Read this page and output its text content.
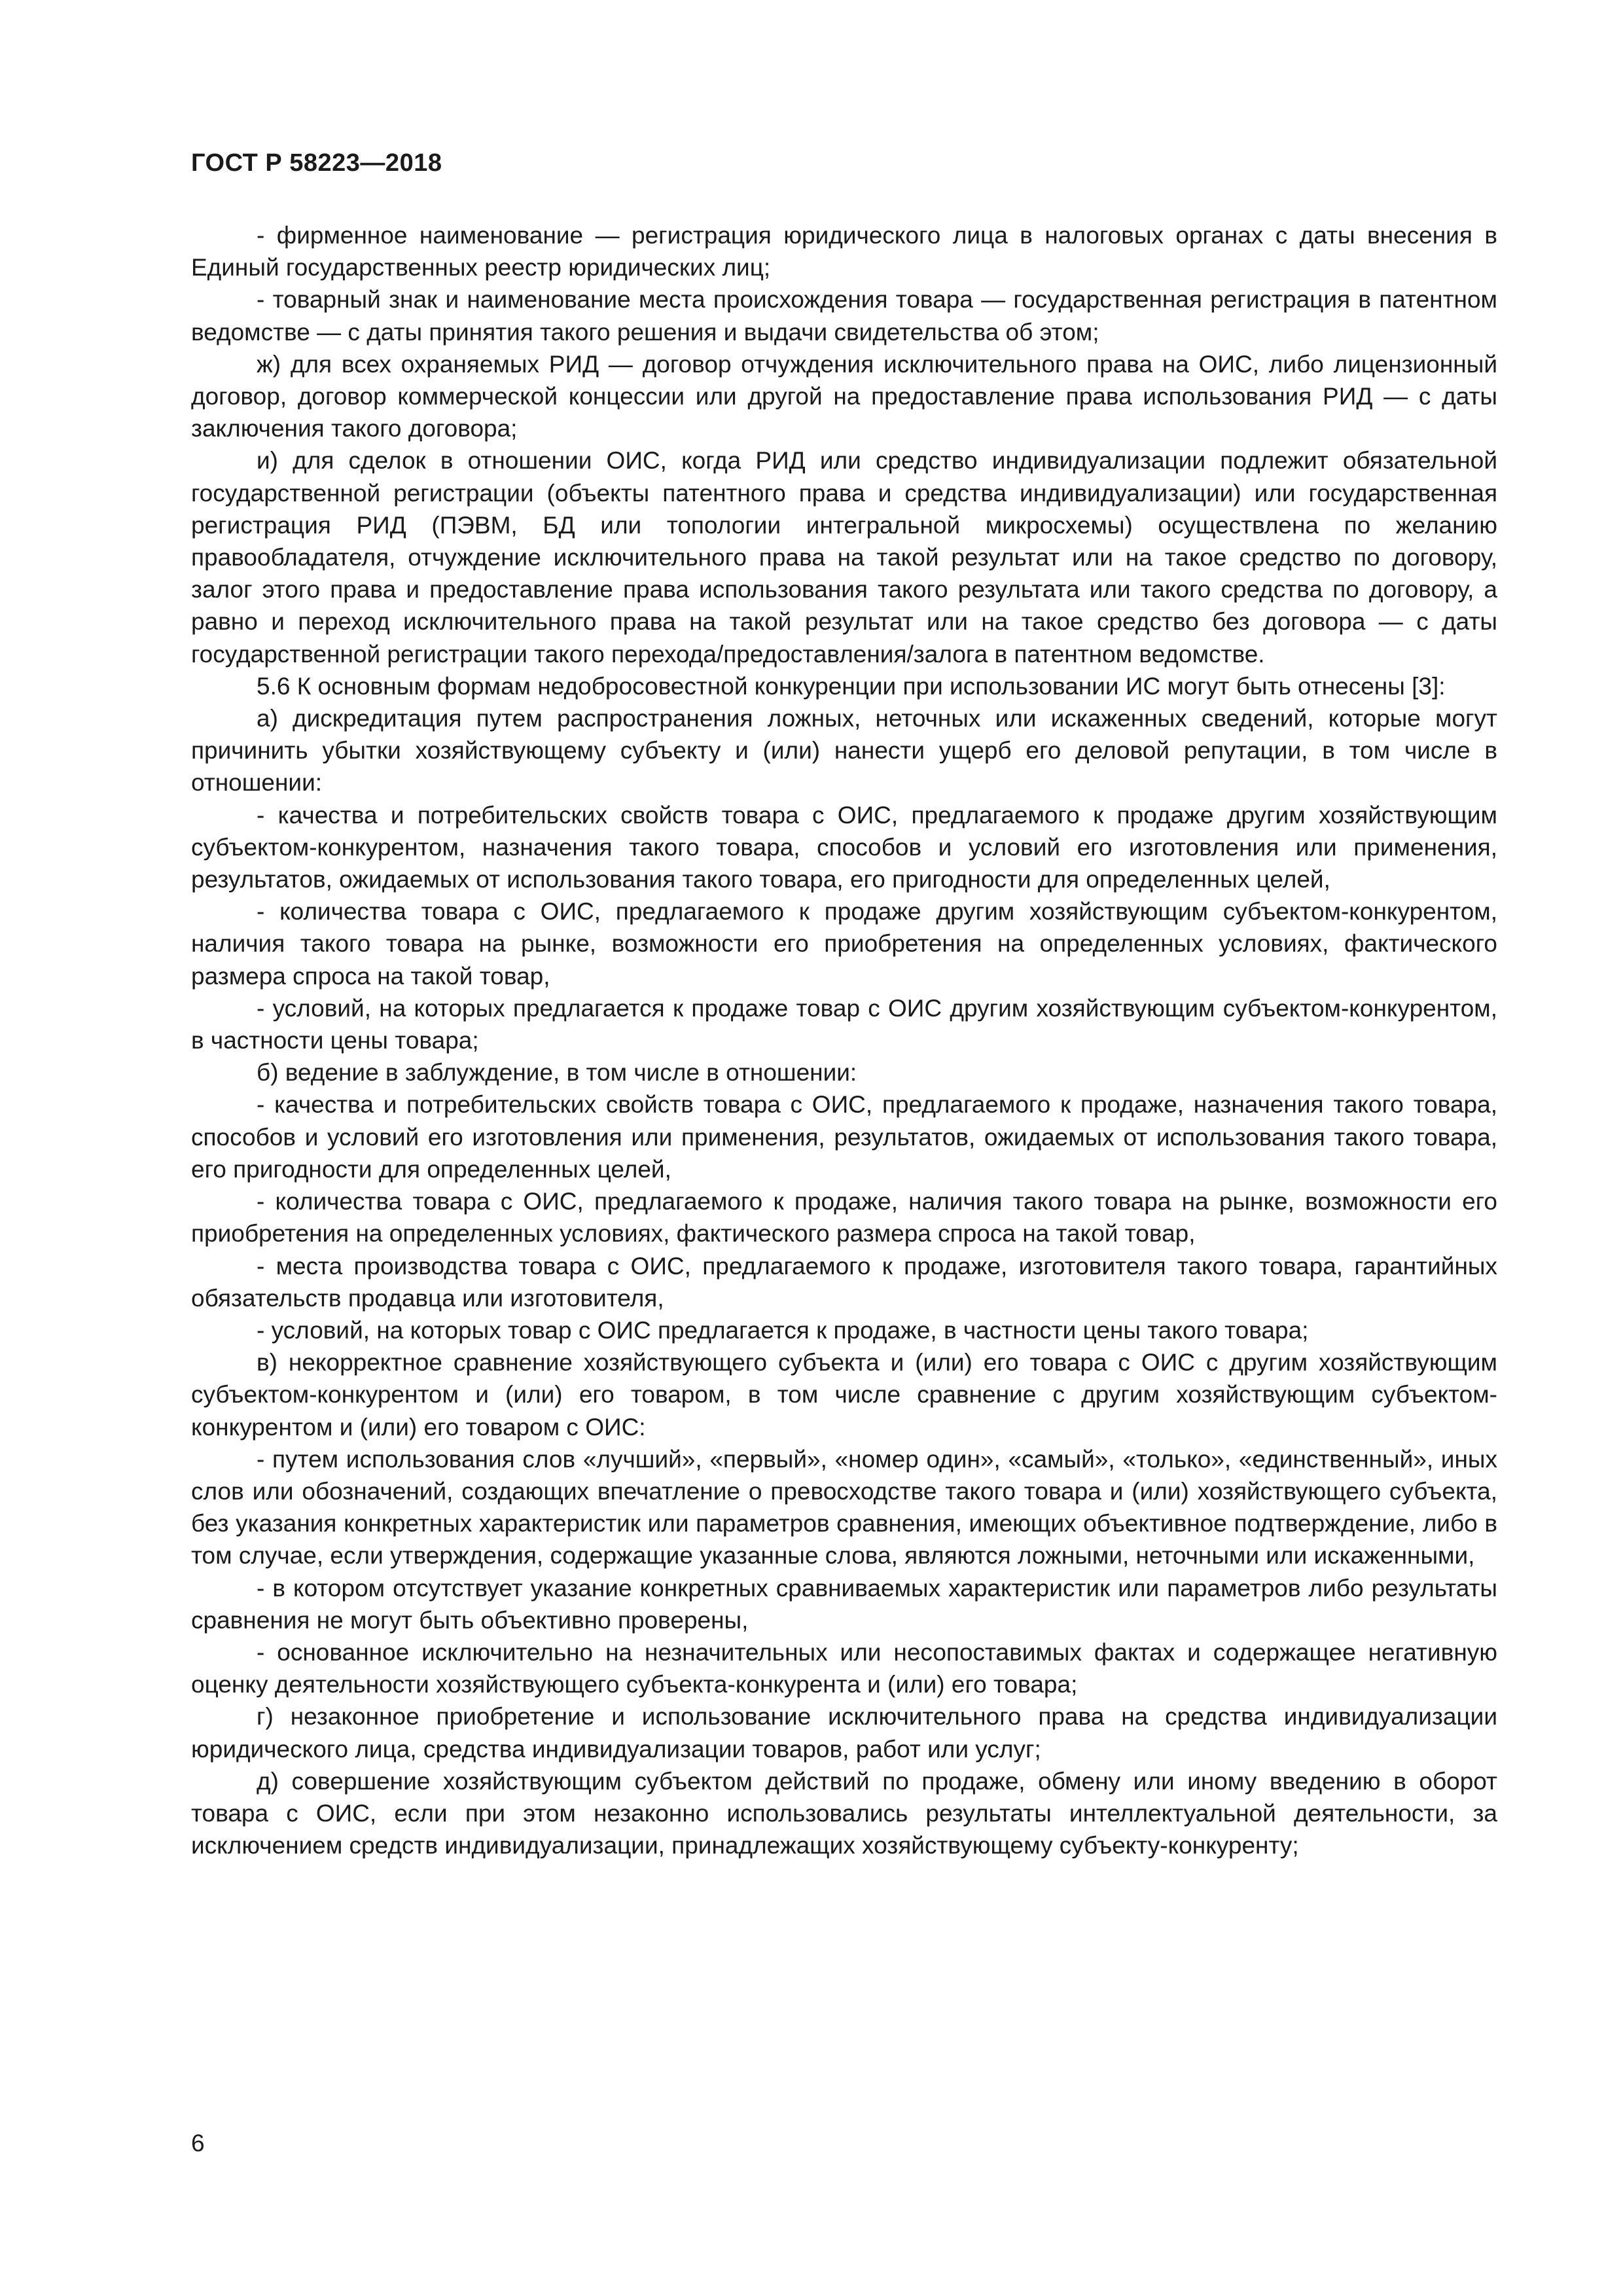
ГОСТ Р 58223—2018

- фирменное наименование — регистрация юридического лица в налоговых органах с даты внесения в Единый государственных реестр юридических лиц;

- товарный знак и наименование места происхождения товара — государственная регистрация в патентном ведомстве — с даты принятия такого решения и выдачи свидетельства об этом;

ж) для всех охраняемых РИД — договор отчуждения исключительного права на ОИС, либо лицензионный договор, договор коммерческой концессии или другой на предоставление права использования РИД — с даты заключения такого договора;

и) для сделок в отношении ОИС, когда РИД или средство индивидуализации подлежит обязательной государственной регистрации (объекты патентного права и средства индивидуализации) или государственная регистрация РИД (ПЭВМ, БД или топологии интегральной микросхемы) осуществлена по желанию правообладателя, отчуждение исключительного права на такой результат или на такое средство по договору, залог этого права и предоставление права использования такого результата или такого средства по договору, а равно и переход исключительного права на такой результат или на такое средство без договора — с даты государственной регистрации такого перехода/предоставления/залога в патентном ведомстве.

5.6 К основным формам недобросовестной конкуренции при использовании ИС могут быть отнесены [3]:

а) дискредитация путем распространения ложных, неточных или искаженных сведений, которые могут причинить убытки хозяйствующему субъекту и (или) нанести ущерб его деловой репутации, в том числе в отношении:

- качества и потребительских свойств товара с ОИС, предлагаемого к продаже другим хозяйствующим субъектом-конкурентом, назначения такого товара, способов и условий его изготовления или применения, результатов, ожидаемых от использования такого товара, его пригодности для определенных целей,

- количества товара с ОИС, предлагаемого к продаже другим хозяйствующим субъектом-конкурентом, наличия такого товара на рынке, возможности его приобретения на определенных условиях, фактического размера спроса на такой товар,

- условий, на которых предлагается к продаже товар с ОИС другим хозяйствующим субъектом-конкурентом, в частности цены товара;

б) ведение в заблуждение, в том числе в отношении:

- качества и потребительских свойств товара с ОИС, предлагаемого к продаже, назначения такого товара, способов и условий его изготовления или применения, результатов, ожидаемых от использования такого товара, его пригодности для определенных целей,

- количества товара с ОИС, предлагаемого к продаже, наличия такого товара на рынке, возможности его приобретения на определенных условиях, фактического размера спроса на такой товар,

- места производства товара с ОИС, предлагаемого к продаже, изготовителя такого товара, гарантийных обязательств продавца или изготовителя,

- условий, на которых товар с ОИС предлагается к продаже, в частности цены такого товара;

в) некорректное сравнение хозяйствующего субъекта и (или) его товара с ОИС с другим хозяйствующим субъектом-конкурентом и (или) его товаром, в том числе сравнение с другим хозяйствующим субъектом-конкурентом и (или) его товаром с ОИС:

- путем использования слов «лучший», «первый», «номер один», «самый», «только», «единственный», иных слов или обозначений, создающих впечатление о превосходстве такого товара и (или) хозяйствующего субъекта, без указания конкретных характеристик или параметров сравнения, имеющих объективное подтверждение, либо в том случае, если утверждения, содержащие указанные слова, являются ложными, неточными или искаженными,

- в котором отсутствует указание конкретных сравниваемых характеристик или параметров либо результаты сравнения не могут быть объективно проверены,

- основанное исключительно на незначительных или несопоставимых фактах и содержащее негативную оценку деятельности хозяйствующего субъекта-конкурента и (или) его товара;

г) незаконное приобретение и использование исключительного права на средства индивидуализации юридического лица, средства индивидуализации товаров, работ или услуг;

д) совершение хозяйствующим субъектом действий по продаже, обмену или иному введению в оборот товара с ОИС, если при этом незаконно использовались результаты интеллектуальной деятельности, за исключением средств индивидуализации, принадлежащих хозяйствующему субъекту-конкуренту;

6
